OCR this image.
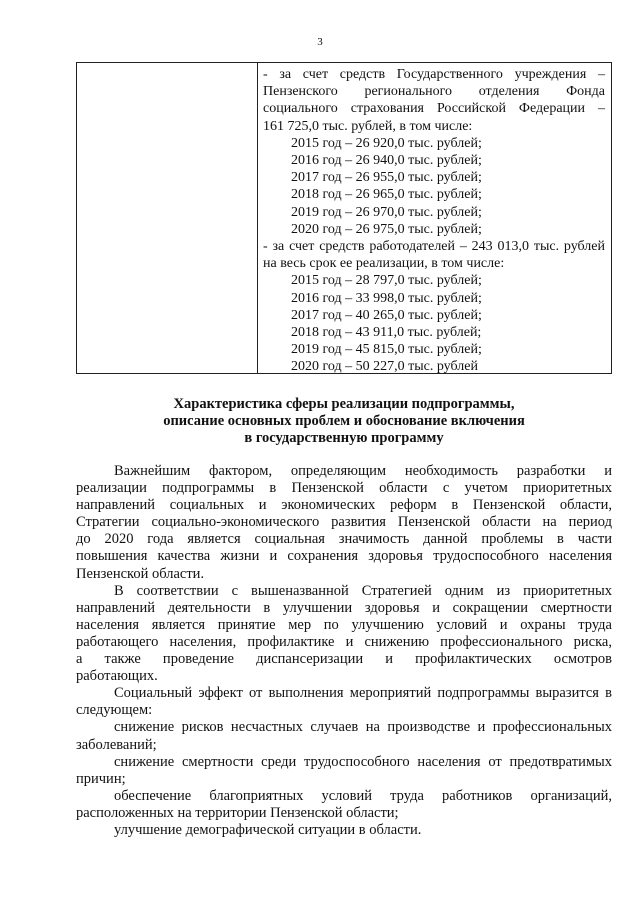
3
- за счет средств Государственного учреждения –
Пензенского регионального отделения Фонда
социального страхования Российской Федерации –
161 725,0 тыс. рублей, в том числе:
2015 год – 26 920,0 тыс. рублей;
2016 год – 26 940,0 тыс. рублей;
2017 год – 26 955,0 тыс. рублей;
2018 год – 26 965,0 тыс. рублей;
2019 год – 26 970,0 тыс. рублей;
2020 год – 26 975,0 тыс. рублей;
- за счет средств работодателей – 243 013,0 тыс. рублей
на весь срок ее реализации, в том числе:
2015 год – 28 797,0 тыс. рублей;
2016 год – 33 998,0 тыс. рублей;
2017 год – 40 265,0 тыс. рублей;
2018 год – 43 911,0 тыс. рублей;
2019 год – 45 815,0 тыс. рублей;
2020 год – 50 227,0 тыс. рублей
Характеристика сферы реализации подпрограммы,
описание основных проблем и обоснование включения
в государственную программу
Важнейшим фактором, определяющим необходимость разработки и
реализации подпрограммы в Пензенской области с учетом приоритетных
направлений социальных и экономических реформ в Пензенской области,
Стратегии социально-экономического развития Пензенской области на период
до 2020 года является социальная значимость данной проблемы в части
повышения качества жизни и сохранения здоровья трудоспособного населения
Пензенской области.
В соответствии с вышеназванной Стратегией одним из приоритетных
направлений деятельности в улучшении здоровья и сокращении смертности
населения является принятие мер по улучшению условий и охраны труда
работающего населения, профилактике и снижению профессионального риска,
а также проведение диспансеризации и профилактических осмотров
работающих.
Социальный эффект от выполнения мероприятий подпрограммы выразится в
следующем:
снижение рисков несчастных случаев на производстве и профессиональных
заболеваний;
снижение смертности среди трудоспособного населения от предотвратимых
причин;
обеспечение благоприятных условий труда работников организаций,
расположенных на территории Пензенской области;
улучшение демографической ситуации в области.
